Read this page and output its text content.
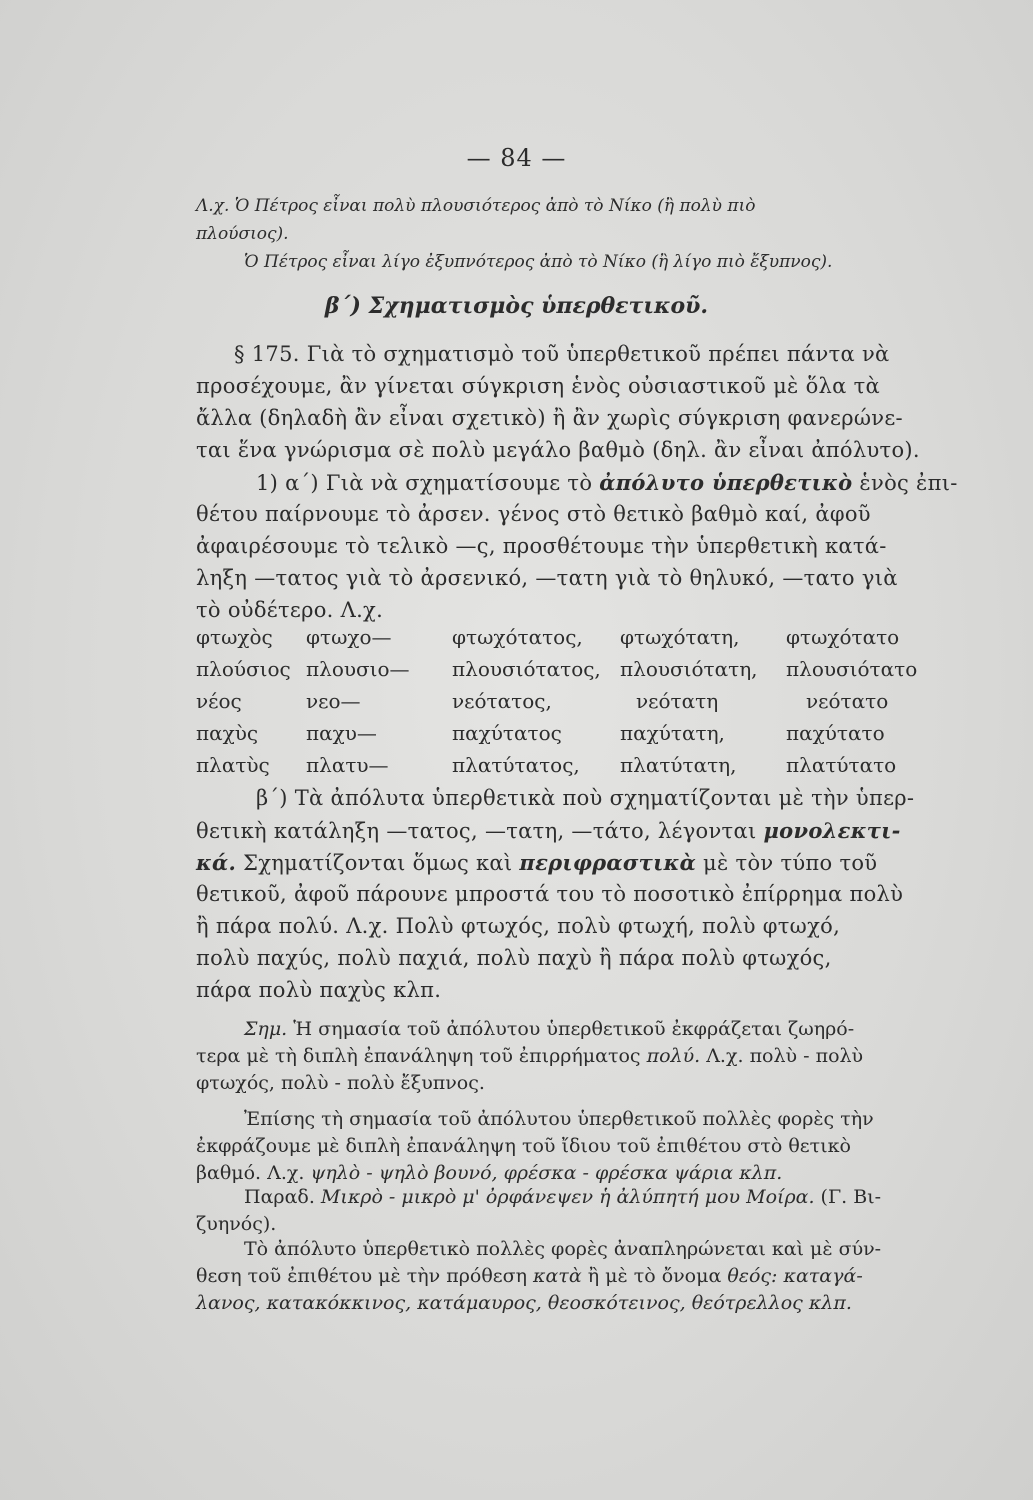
— 84 —
Λ.χ. Ὁ Πέτρος εἶναι πολὺ πλουσιότερος ἀπὸ τὸ Νίκο (ἢ πολὺ πιὸ
πλούσιος).
Ὁ Πέτρος εἶναι λίγο ἐξυπνότερος ἀπὸ τὸ Νίκο (ἢ λίγο πιὸ ἔξυπνος).
β΄) Σχηματισμὸς ὑπερθετικοῦ.
§ 175. Γιὰ τὸ σχηματισμὸ τοῦ ὑπερθετικοῦ πρέπει πάντα νὰ
προσέχουμε, ἂν γίνεται σύγκριση ἑνὸς οὐσιαστικοῦ μὲ ὅλα τὰ
ἄλλα (δηλαδὴ ἂν εἶναι σχετικὸ) ἢ ἂν χωρὶς σύγκριση φανερώνε-
ται ἕνα γνώρισμα σὲ πολὺ μεγάλο βαθμὸ (δηλ. ἂν εἶναι ἀπόλυτο).
1) α΄) Γιὰ νὰ σχηματίσουμε τὸ ἀπόλυτο ὑπερθετικὸ ἑνὸς ἐπι-
θέτου παίρνουμε τὸ ἀρσεν. γένος στὸ θετικὸ βαθμὸ καί, ἀφοῦ
ἀφαιρέσουμε τὸ τελικὸ —ς, προσθέτουμε τὴν ὑπερθετικὴ κατά-
ληξη —τατος γιὰ τὸ ἀρσενικό, —τατη γιὰ τὸ θηλυκό, —τατο γιὰ
τὸ οὐδέτερο. Λ.χ.
φτωχὸς φτωχο—	φτωχότατος, φτωχότατη, φτωχότατο
πλούσιος πλουσιο— πλουσιότατος, πλουσιότατη, πλουσιότατο
νέος	νεο—	νεότατος,	νεότατη	νεότατο
παχὺς παχυ—	παχύτατος	παχύτατη,	παχύτατο
πλατὺς πλατυ—	πλατύτατος, πλατύτατη, πλατύτατο
β΄) Τὰ ἀπόλυτα ὑπερθετικὰ ποὺ σχηματίζονται μὲ τὴν ὑπερ-
θετικὴ κατάληξη —τατος, —τατη, —τάτο, λέγονται μονολεκτι-
κά. Σχηματίζονται ὅμως καὶ περιφραστικὰ μὲ τὸν τύπο τοῦ
θετικοῦ, ἀφοῦ πάρουνε μπροστά του τὸ ποσοτικὸ ἐπίρρημα πολὺ
ἢ πάρα πολύ. Λ.χ. Πολὺ φτωχός, πολὺ φτωχή, πολὺ φτωχό,
πολὺ παχύς, πολὺ παχιά, πολὺ παχὺ ἢ πάρα πολὺ φτωχός,
πάρα πολὺ παχὺς κλπ.
Σημ. Ἡ σημασία τοῦ ἀπόλυτου ὑπερθετικοῦ ἐκφράζεται ζωηρό-
τερα μὲ τὴ διπλὴ ἐπανάληψη τοῦ ἐπιρρήματος πολύ. Λ.χ. πολὺ - πολὺ
φτωχός, πολὺ - πολὺ ἔξυπνος.
Ἐπίσης τὴ σημασία τοῦ ἀπόλυτου ὑπερθετικοῦ πολλὲς φορὲς τὴν
ἐκφράζουμε μὲ διπλὴ ἐπανάληψη τοῦ ἴδιου τοῦ ἐπιθέτου στὸ θετικὸ
βαθμό. Λ.χ. ψηλὸ - ψηλὸ βουνό, φρέσκα - φρέσκα ψάρια κλπ.
Παραδ. Μικρὸ - μικρὸ μ' ὀρφάνεψεν ἡ ἀλύπητή μου Μοίρα. (Γ. Βι-
ζυηνός).
Τὸ ἀπόλυτο ὑπερθετικὸ πολλὲς φορὲς ἀναπληρώνεται καὶ μὲ σύν-
θεση τοῦ ἐπιθέτου μὲ τὴν πρόθεση κατὰ ἢ μὲ τὸ ὄνομα θεός: καταγά-
λανος, κατακόκκινος, κατάμαυρος, θεοσκότεινος, θεότρελλος κλπ.
